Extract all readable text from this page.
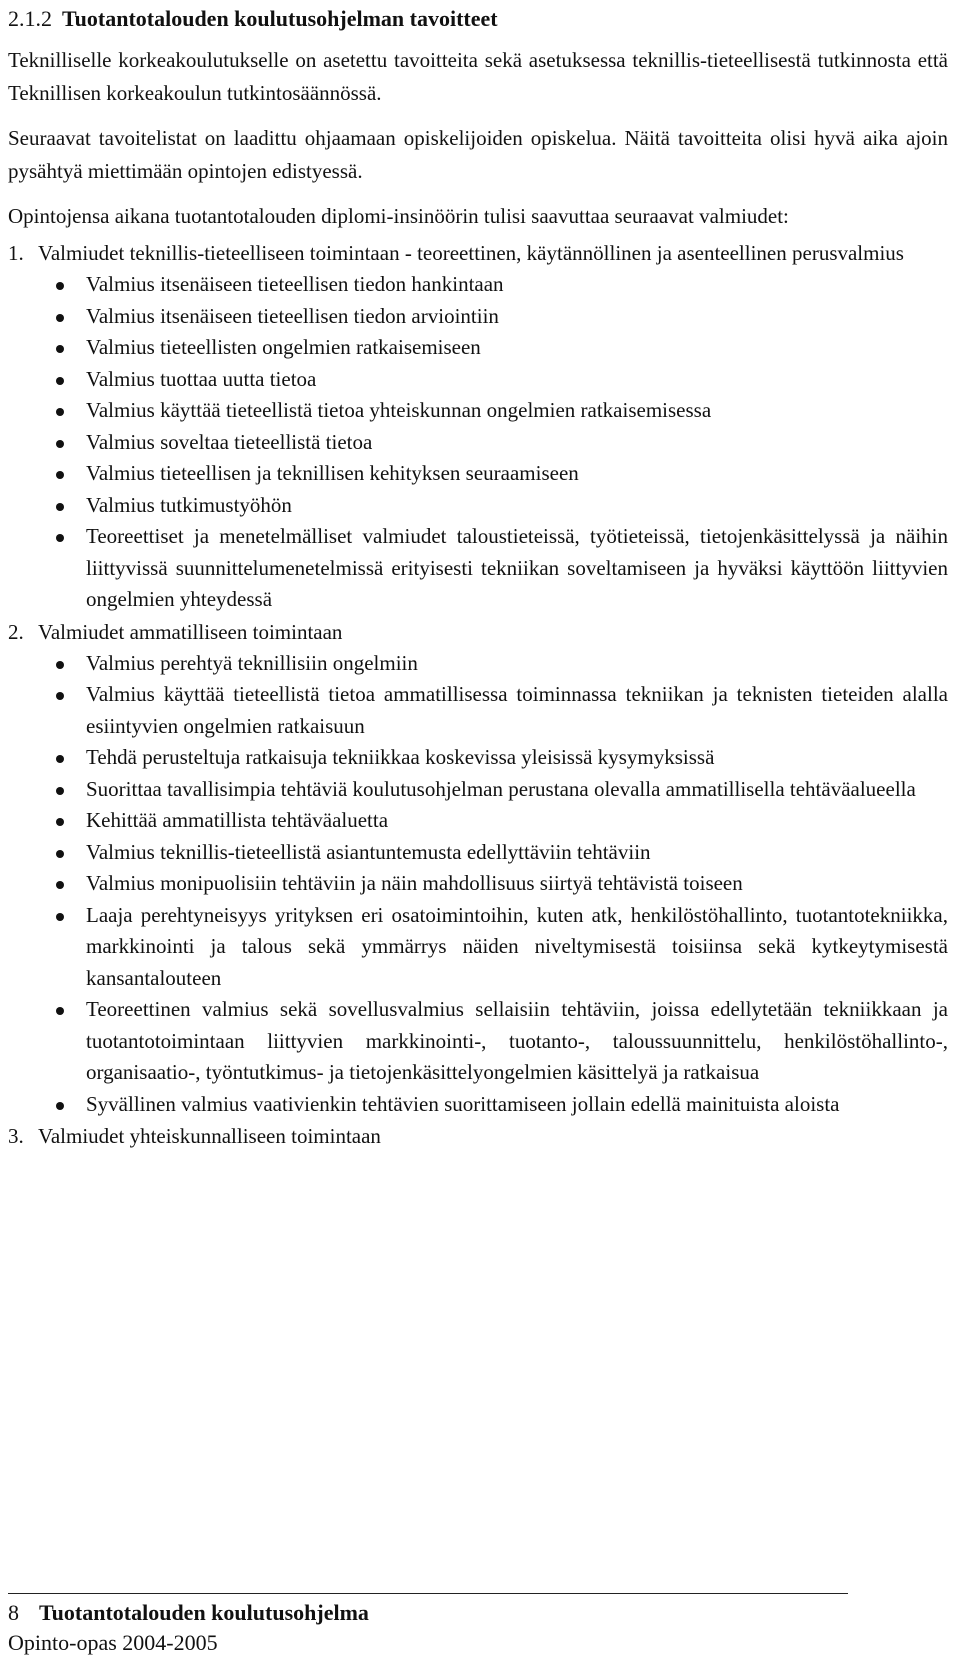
2.1.2 Tuotantotalouden koulutusohjelman tavoitteet

Teknilliselle korkeakoulutukselle on asetettu tavoitteita sekä asetuksessa teknillis-tieteellisestä tutkinnosta että Teknillisen korkeakoulun tutkintosäännössä.

Seuraavat tavoitelistat on laadittu ohjaamaan opiskelijoiden opiskelua. Näitä tavoitteita olisi hyvä aika ajoin pysähtyä miettimään opintojen edistyessä.

Opintojensa aikana tuotantotalouden diplomi-insinöörin tulisi saavuttaa seuraavat valmiudet:

1. Valmiudet teknillis-tieteelliseen toimintaan - teoreettinen, käytännöllinen ja asenteellinen perusvalmius
Valmius itsenäiseen tieteellisen tiedon hankintaan
Valmius itsenäiseen tieteellisen tiedon arviointiin
Valmius tieteellisten ongelmien ratkaisemiseen
Valmius tuottaa uutta tietoa
Valmius käyttää tieteellistä tietoa yhteiskunnan ongelmien ratkaisemisessa
Valmius soveltaa tieteellistä tietoa
Valmius tieteellisen ja teknillisen kehityksen seuraamiseen
Valmius tutkimustyöhön
Teoreettiset ja menetelmälliset valmiudet taloustieteissä, työtieteissä, tietojenkäsittelyssä ja näihin liittyvissä suunnittelumenetelmissä erityisesti tekniikan soveltamiseen ja hyväksi käyttöön liittyvien ongelmien yhteydessä
2. Valmiudet ammatilliseen toimintaan
Valmius perehtyä teknillisiin ongelmiin
Valmius käyttää tieteellistä tietoa ammatillisessa toiminnassa tekniikan ja teknisten tieteiden alalla esiintyvien ongelmien ratkaisuun
Tehdä perusteltuja ratkaisuja tekniikkaa koskevissa yleisissä kysymyksissä
Suorittaa tavallisimpia tehtäviä koulutusohjelman perustana olevalla ammatillisella tehtäväalueella
Kehittää ammatillista tehtäväaluetta
Valmius teknillis-tieteellistä asiantuntemusta edellyttäviin tehtäviin
Valmius monipuolisiin tehtäviin ja näin mahdollisuus siirtyä tehtävistä toiseen
Laaja perehtyneisyys yrityksen eri osatoimintoihin, kuten atk, henkilöstöhallinto, tuotantotekniikka, markkinointi ja talous sekä ymmärrys näiden niveltymisestä toisiinsa sekä kytkeytymisestä kansantalouteen
Teoreettinen valmius sekä sovellusvalmius sellaisiin tehtäviin, joissa edellytetään tekniikkaan ja tuotantotoimintaan liittyvien markkinointi-, tuotanto-, taloussuunnittelu, henkilöstöhallinto-, organisaatio-, työntutkimus- ja tietojenkäsittelyongelmien käsittelyä ja ratkaisua
Syvällinen valmius vaativienkin tehtävien suorittamiseen jollain edellä mainituista aloista
3. Valmiudet yhteiskunnalliseen toimintaan
8 Tuotantotalouden koulutusohjelma
Opinto-opas 2004-2005
